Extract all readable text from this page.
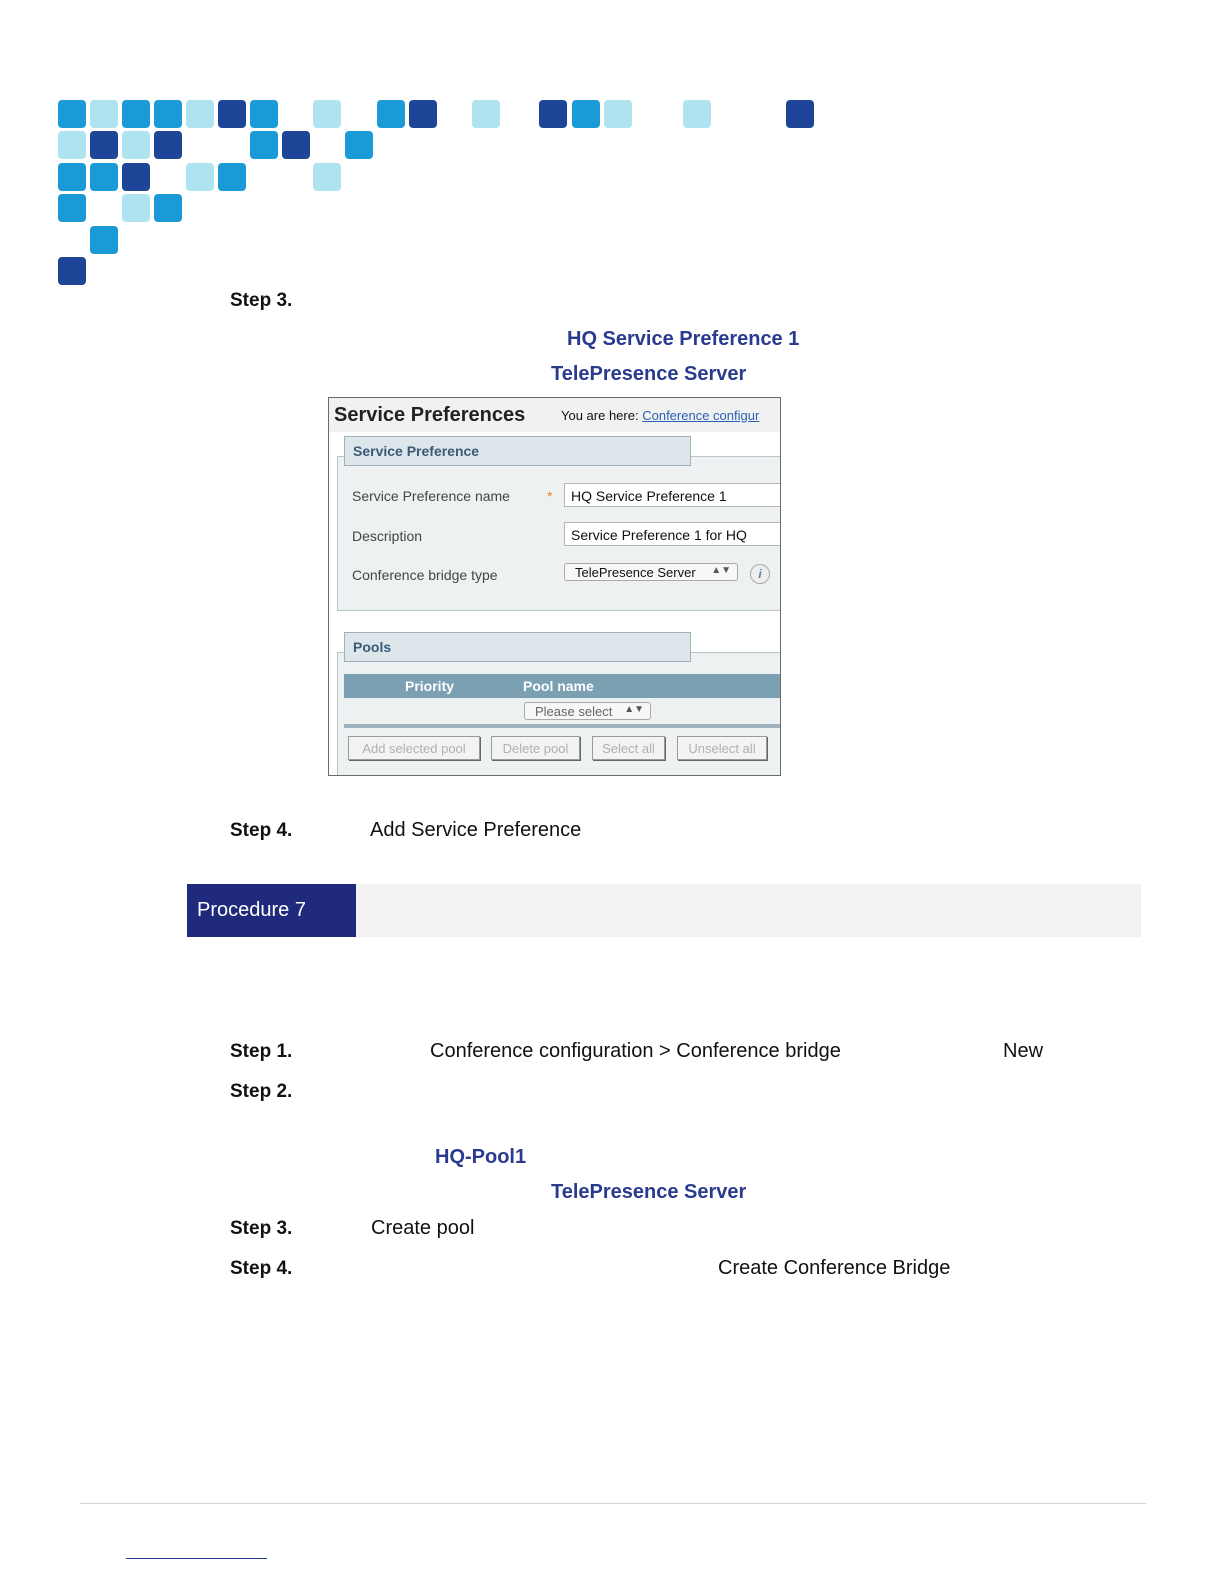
Step 3.
HQ Service Preference 1
TelePresence Server
Service Preferences	You are here: Conference configur
Service Preference
Service Preference name	*	HQ Service Preference 1
Description	Service Preference 1 for HQ
Conference bridge type	TelePresence Server ▲▼	i
Pools
Priority	Pool name
Please select ▲▼
Add selected pool	Delete pool	Select all	Unselect all
Step 4.	Add Service Preference
Procedure 7
Step 1.	Conference configuration > Conference bridge	New
Step 2.
HQ-Pool1
TelePresence Server
Step 3.	Create pool
Step 4.	Create Conference Bridge
